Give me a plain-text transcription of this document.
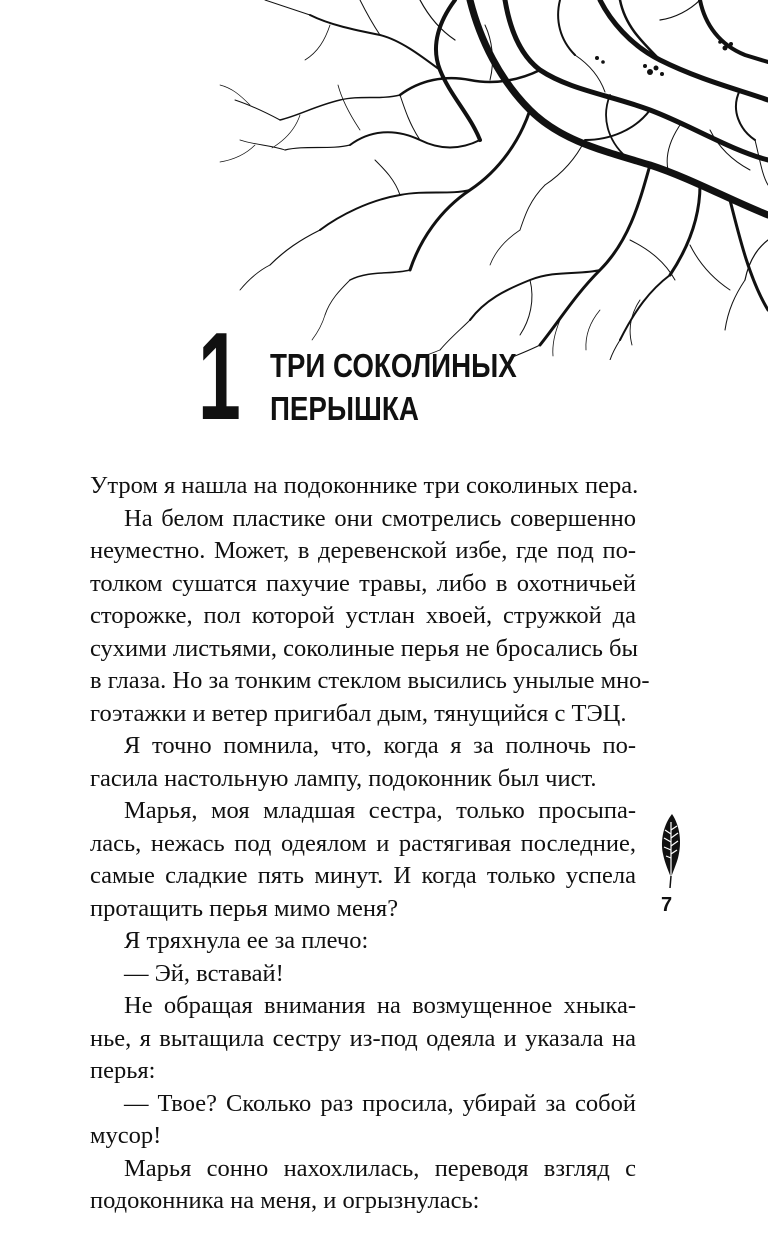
1 ТРИ СОКОЛИНЫХ
ПЕРЫШКА
Утром я нашла на подоконнике три соколиных пера.
На белом пластике они смотрелись совершенно
неуместно. Может, в деревенской избе, где под по-
толком сушатся пахучие травы, либо в охотничьей
сторожке, пол которой устлан хвоей, стружкой да
сухими листьями, соколиные перья не бросались бы
в глаза. Но за тонким стеклом высились унылые мно-
гоэтажки и ветер пригибал дым, тянущийся с ТЭЦ.
Я точно помнила, что, когда я за полночь по-
гасила настольную лампу, подоконник был чист.
Марья, моя младшая сестра, только просыпа-
лась, нежась под одеялом и растягивая последние,
самые сладкие пять минут. И когда только успела
протащить перья мимо меня?
Я тряхнула ее за плечо:
— Эй, вставай!
Не обращая внимания на возмущенное хныка-
нье, я вытащила сестру из-под одеяла и указала на
перья:
— Твое? Сколько раз просила, убирай за собой
мусор!
Марья сонно нахохлилась, переводя взгляд с
подоконника на меня, и огрызнулась:
7
